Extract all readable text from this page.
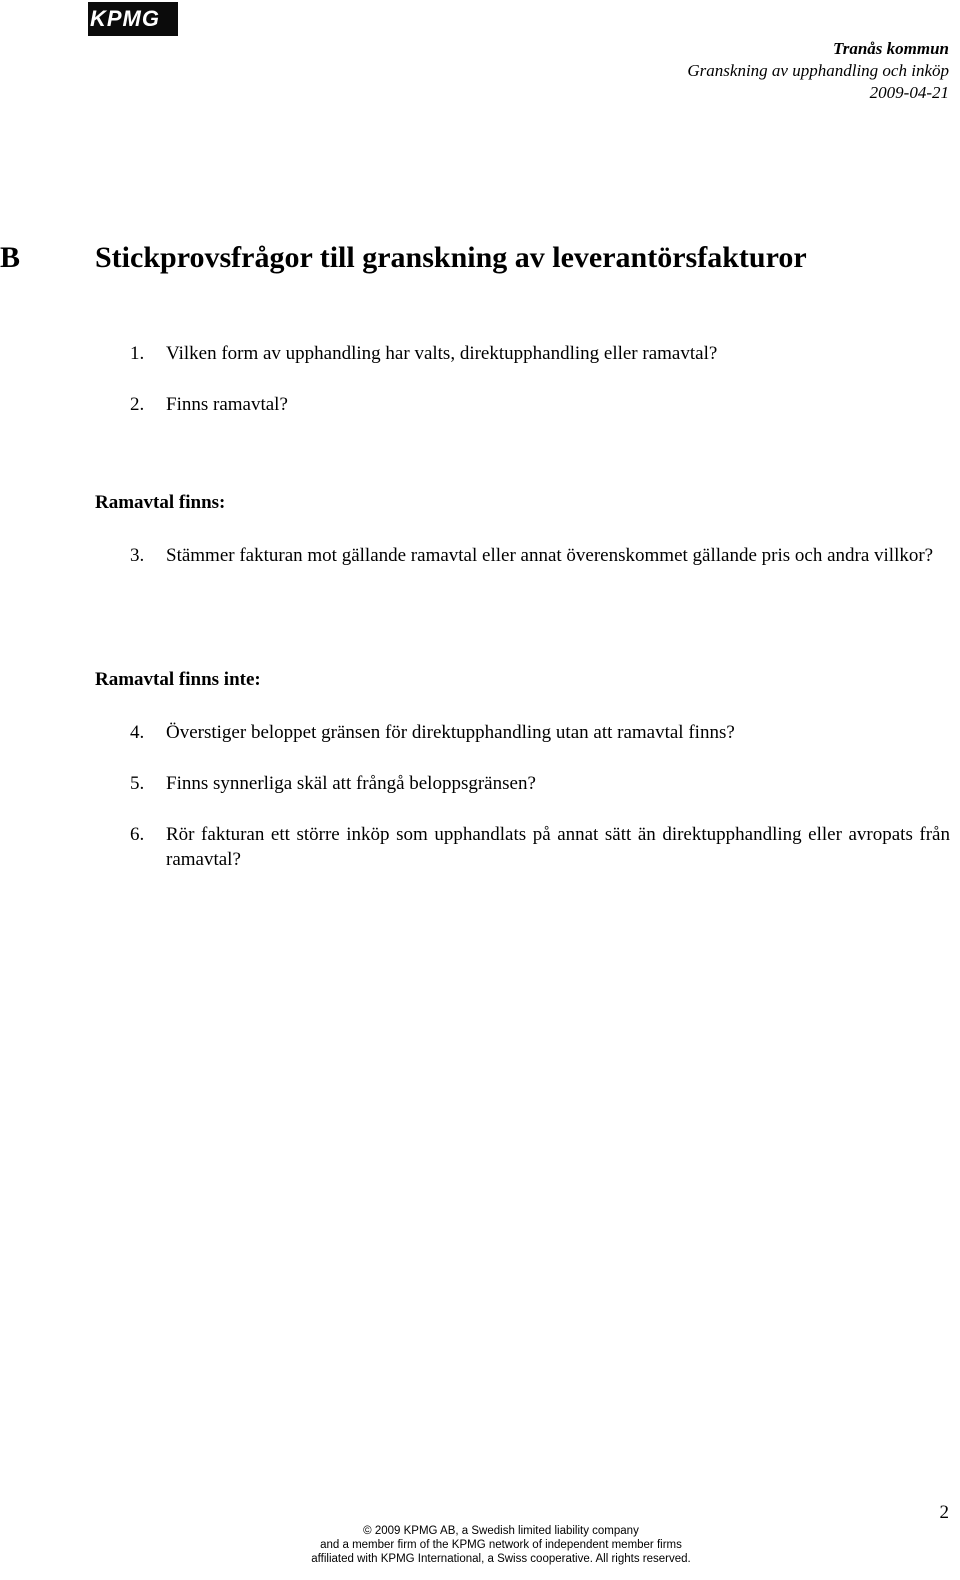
KPMG
Tranås kommun
Granskning av upphandling och inköp
2009-04-21
B Stickprovsfrågor till granskning av leverantörsfakturor
1. Vilken form av upphandling har valts, direktupphandling eller ramavtal?
2. Finns ramavtal?
Ramavtal finns:
3. Stämmer fakturan mot gällande ramavtal eller annat överenskommet gällande pris och andra villkor?
Ramavtal finns inte:
4. Överstiger beloppet gränsen för direktupphandling utan att ramavtal finns?
5. Finns synnerliga skäl att frångå beloppsgränsen?
6. Rör fakturan ett större inköp som upphandlats på annat sätt än direktupphandling eller avropats från ramavtal?
2
© 2009 KPMG AB, a Swedish limited liability company
and a member firm of the KPMG network of independent member firms
affiliated with KPMG International, a Swiss cooperative. All rights reserved.
